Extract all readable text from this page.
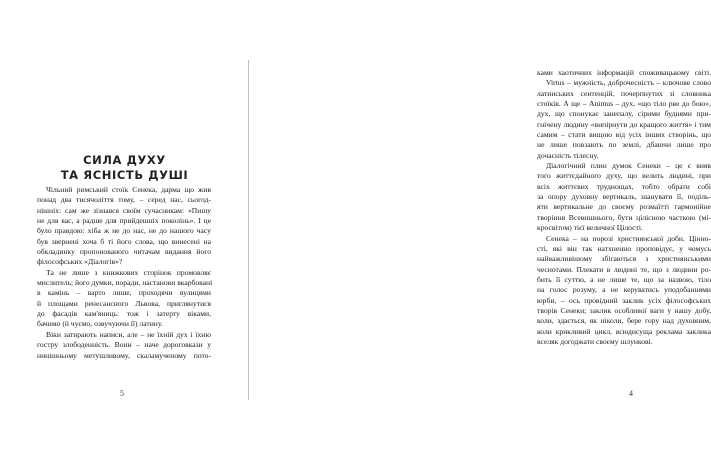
СИЛА ДУХУ
ТА ЯСНІСТЬ ДУШІ
Чільний римський стоїк Сенека, дарма що жив
понад два тисячоліття тому, – серед нас, сьогод-
нішніх: сам же зізнався своїм сучасникам: «Пишу
не для вас, а радше для прийдешніх поколінь». І це
було правдою: хіба ж не до нас, не до нашого часу
був звернені хоча б ті його слова, що винесені на
обкладинку пропонованого читачам видання його
філософських «Діалогів»?
Та не лише з книжкових сторінок промовляє
мислитель; його думки, поради, настанови вкарбовані
в камінь – варто лише, проходячи вулицями
й площами ренесансного Львова, приглянутися
до фасадів кам'яниць: тож і затерту віками,
бачимо (й чуємо, озвучуючи її) латину.
Віки затирають написи, але – не їхній дух і їхню
гостру злободенність. Вони – наче дороговкази у
нинішньому метушливому, скаламученому пото-
5
ками хаотичних інформацій споживацькому світі.
Virtus – мужність, доброчесність – ключове слово
латинських сентенцій, почерпнутих зі словника
стоїків. А ще – Animus – дух, «що тіло рве до бою»,
дух, що спонукає занепалу, сірими буднями при-
гнічену людину «випірнути до кращого життя» і тим
самим – стати вищою від усіх інших створінь, що
не лише повзають по землі, дбаючи лише про
дочасність тілесну.
Діалогічний плин думок Сенеки – це є вияв
того життєдайного духу, що велить людині, при
всіх життєвих труднощах, тобто обрати собі
за опору духовну вертикаль, шанувати її, поділь-
яти вертикальне до своєму розмаїтті гармонійне
творіння Всевишнього, бути цілісною часткою (мі-
кросвітом) тієї величної Цілості.
Сенека – на порозі християнської доби. Цінно-
сті, які він так натхненно проповідує, у чомусь
найважливішому збігаються з християнськими
чеснотами. Плекати в людині те, що з людини ро-
бить її суттю, а не лише те, що за назвою, тіло
на голос розуму, а не керуватись уподобаннями
юрби, – ось провідний заклик усіх філософських
творів Сенеки; заклик особливої ваги у нашу добу,
коли, здається, як ніколи, бере гору над духовним,
коли крикливий цикл, всюдисуща реклама заклика
вселяк догоджати своєму шлункові.
4
